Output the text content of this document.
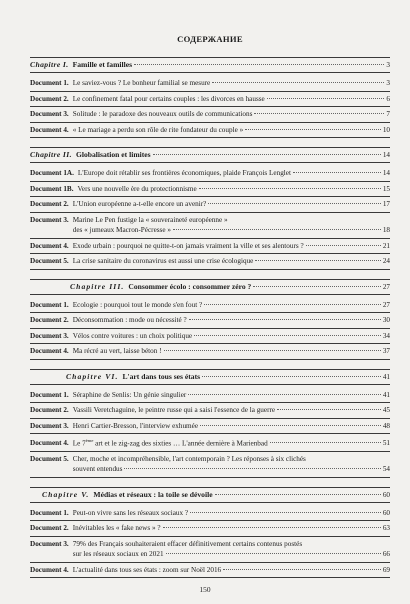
СОДЕРЖАНИЕ
Chapitre I. Famille et familles	3
Document 1. Le saviez-vous ? Le bonheur familial se mesure	3
Document 2. Le confinement fatal pour certains couples : les divorces en hausse	6
Document 3. Solitude : le paradoxe des nouveaux outils de communications	7
Document 4. « Le mariage a perdu son rôle de rite fondateur du couple »	10
Chapitre II. Globalisation et limites	14
Document 1A. L'Europe doit rétablir ses frontières économiques, plaide François Lenglet	14
Document 1B. Vers une nouvelle ère du protectionnisme	15
Document 2. L'Union européenne a-t-elle encore un avenir?	17
Document 3. Marine Le Pen fustige la « souveraineté européenne »
des « jumeaux Macron-Pécresse »	18
Document 4. Exode urbain : pourquoi ne quitte-t-on jamais vraiment la ville et ses alentours ?	21
Document 5. La crise sanitaire du coronavirus est aussi une crise écologique	24
Chapitre III. Consommer écolo : consommer zéro ?	27
Document 1. Ecologie : pourquoi tout le monde s'en fout ?	27
Document 2. Déconsommation : mode ou nécessité ?	30
Document 3. Vélos contre voitures : un choix politique	34
Document 4. Ma récré au vert, laisse béton !	37
Chapitre VI. L'art dans tous ses états	41
Document 1. Séraphine de Senlis: Un génie singulier	41
Document 2. Vassili Veretchaguine, le peintre russe qui a saisi l'essence de la guerre	45
Document 3. Henri Cartier-Bresson, l'interview exhumée	48
Document 4. Le 7ème art et le zig-zag des sixties … L'année dernière à Marienbad	51
Document 5. Cher, moche et incompréhensible, l'art contemporain ? Les réponses à six clichés
souvent entendus	54
Chapitre V. Médias et réseaux : la toile se dévoile	60
Document 1. Peut-on vivre sans les réseaux sociaux ?	60
Document 2. Inévitables les « fake news » ?	63
Document 3. 79% des Français souhaiteraient effacer définitivement certains contenus postés
sur les réseaux sociaux en 2021	66
Document 4. L'actualité dans tous ses états : zoom sur Noël 2016	69
150
